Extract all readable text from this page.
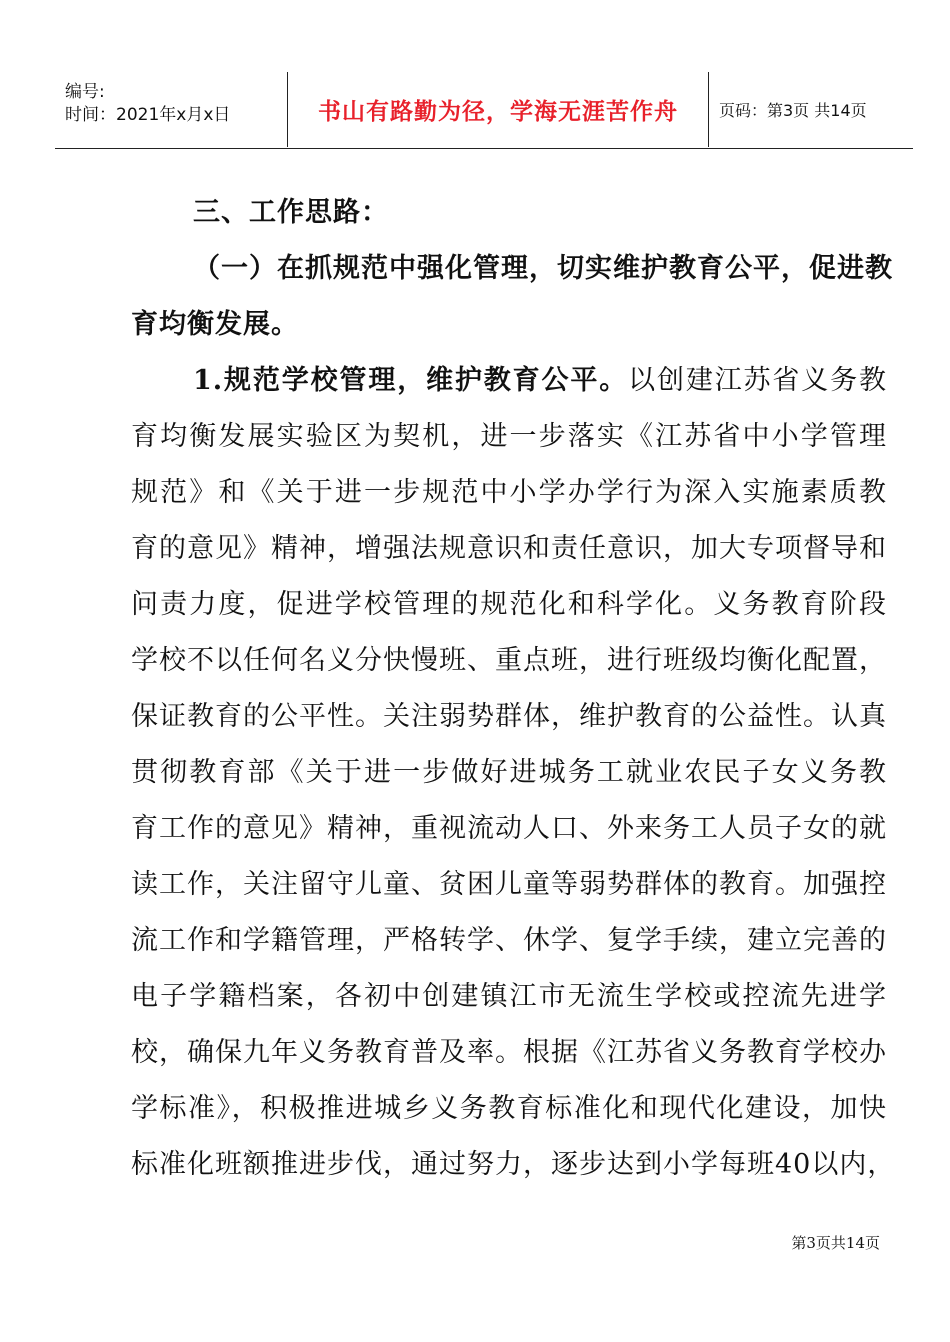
编号:
时间：2021年x月x日	书山有路勤为径，学海无涯苦作舟	页码：第3页 共14页
三、工作思路：
（一）在抓规范中强化管理，切实维护教育公平，促进教
育均衡发展。
1.规范学校管理，维护教育公平。以创建江苏省义务教
育均衡发展实验区为契机，进一步落实《江苏省中小学管理
规范》和《关于进一步规范中小学办学行为深入实施素质教
育的意见》精神，增强法规意识和责任意识，加大专项督导和
问责力度，促进学校管理的规范化和科学化。义务教育阶段
学校不以任何名义分快慢班、重点班，进行班级均衡化配置，
保证教育的公平性。关注弱势群体，维护教育的公益性。认真
贯彻教育部《关于进一步做好进城务工就业农民子女义务教
育工作的意见》精神，重视流动人口、外来务工人员子女的就
读工作，关注留守儿童、贫困儿童等弱势群体的教育。加强控
流工作和学籍管理，严格转学、休学、复学手续，建立完善的
电子学籍档案，各初中创建镇江市无流生学校或控流先进学
校，确保九年义务教育普及率。根据《江苏省义务教育学校办
学标准》，积极推进城乡义务教育标准化和现代化建设，加快
标准化班额推进步伐，通过努力，逐步达到小学每班40以内，
第3页共14页
